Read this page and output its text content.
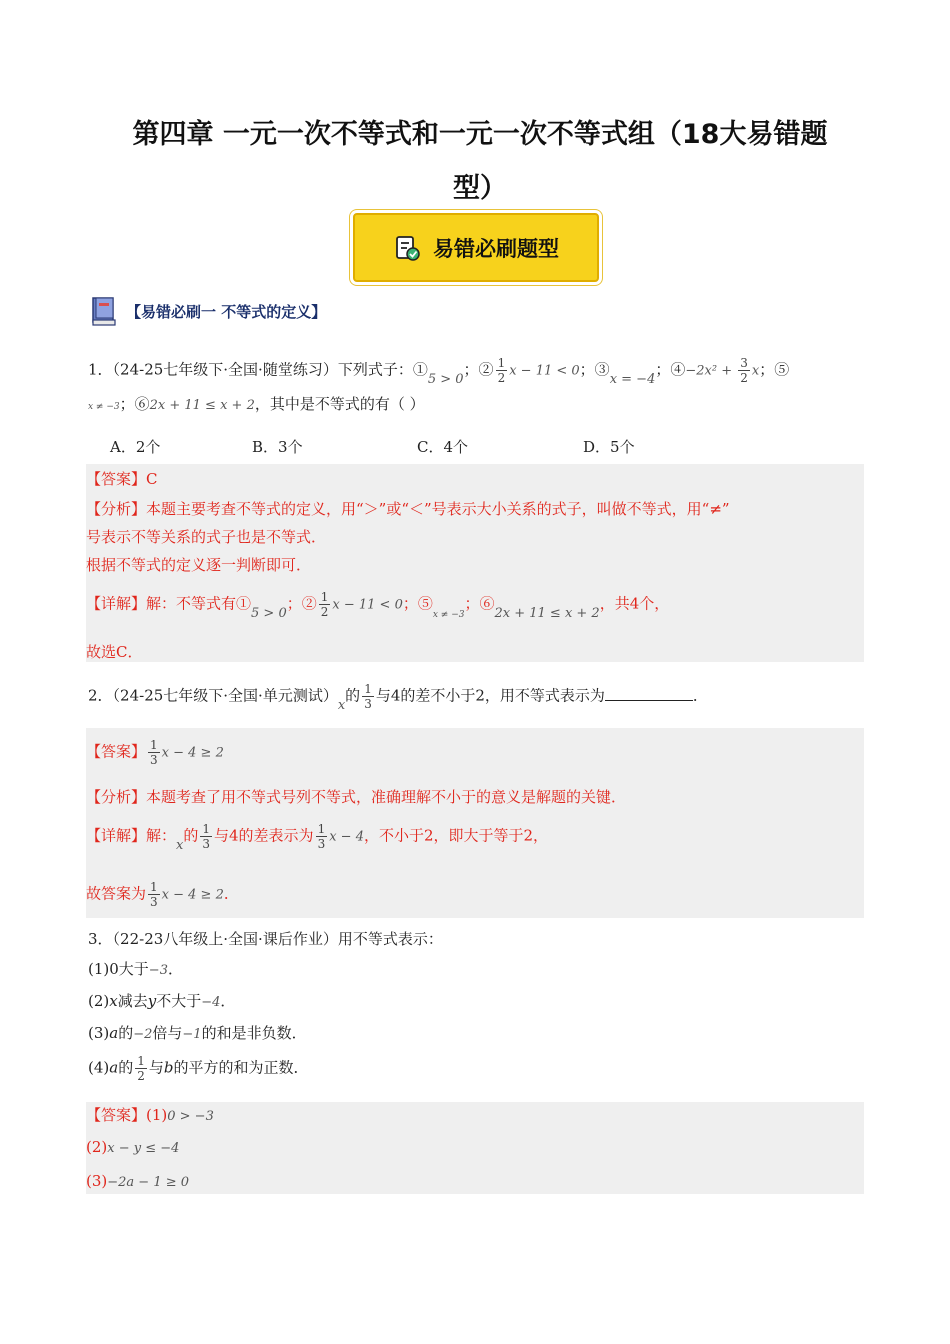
第四章 一元一次不等式和一元一次不等式组（18大易错题
型）
易错必刷题型
【易错必刷一 不等式的定义】
1．（24-25七年级下·全国·随堂练习）下列式子：①5 > 0；② $\frac{1}{2}$ x − 11 < 0；③x = −4；④−2x² + $\frac{3}{2}$ x；⑤
x ≠ −3；⑥2x + 11 ≤ x + 2，其中是不等式的有（ ）
A．2个	B．3个	C．4个	D．5个
【答案】C
【分析】本题主要考查不等式的定义，用“＞”或“＜”号表示大小关系的式子，叫做不等式，用“≠”
号表示不等关系的式子也是不等式．
根据不等式的定义逐一判断即可．
【详解】解：不等式有①5 > 0；② $\frac{1}{2}$ x − 11 < 0；$⑤_{x \ne -3}$；⑥2x + 11 ≤ x + 2，共4个，
故选C．
2．（24-25七年级下·全国·单元测试）x的 $\frac{1}{3}$ 与4的差不小于2，用不等式表示为	．
【答案】 $\frac{1}{3}$ x − 4 ≥ 2
【分析】本题考查了用不等式号列不等式，准确理解不小于的意义是解题的关键．
【详解】解：x的 $\frac{1}{3}$ 与4的差表示为 $\frac{1}{3}$ x − 4，不小于2，即大于等于2，
故答案为 $\frac{1}{3}$ x − 4 ≥ 2．
3．（22-23八年级上·全国·课后作业）用不等式表示：
(1)0大于−3．
(2)x减去y不大于−4．
(3)a的−2倍与−1的和是非负数．
(4)a的 $\frac{1}{2}$ 与b的平方的和为正数．
【答案】(1)0 > −3
(2)x − y ≤ −4
(3)−2a − 1 ≥ 0
